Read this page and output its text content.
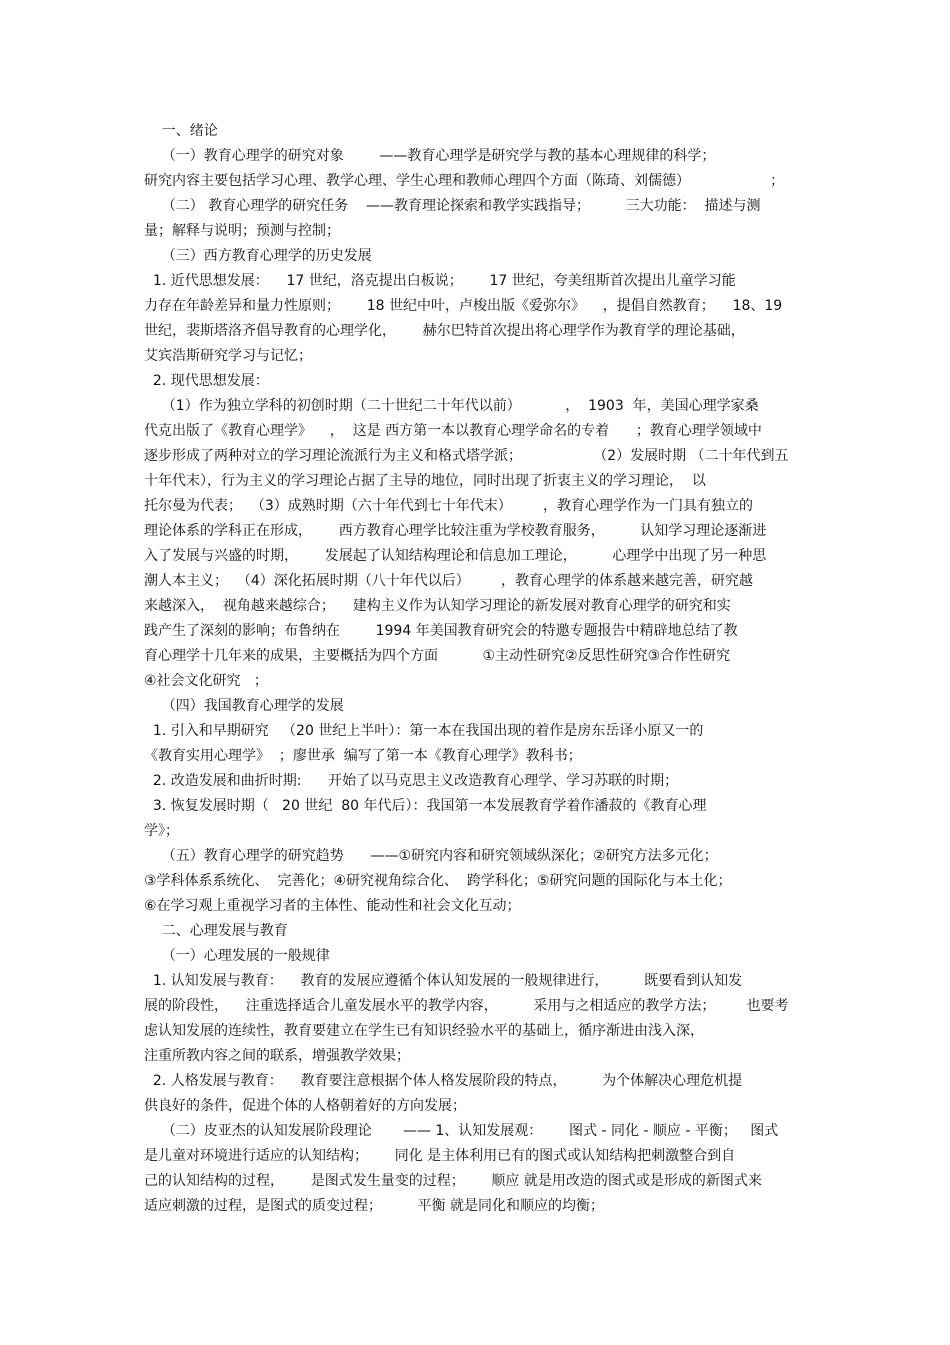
一、绪论

（一）教育心理学的研究对象        ——教育心理学是研究学与教的基本心理规律的科学；

研究内容主要包括学习心理、教学心理、学生心理和教师心理四个方面（陈琦、刘儒德）                  ；

（二） 教育心理学的研究任务    ——教育理论探索和教学实践指导；        三大功能：  描述与测

量；解释与说明；预测与控制；

（三）西方教育心理学的历史发展

1. 近代思想发展：    17 世纪，洛克提出白板说；      17 世纪，夸美纽斯首次提出儿童学习能

力存在年龄差异和量力性原则；      18 世纪中叶，卢梭出版《爱弥尔》    ，提倡自然教育；    18、19

世纪，裴斯塔洛齐倡导教育的心理学化，      赫尔巴特首次提出将心理学作为教育学的理论基础，

艾宾浩斯研究学习与记忆；

2. 现代思想发展：

（1）作为独立学科的初创时期（二十世纪二十年代以前）          ，  1903  年，美国心理学家桑

代克出版了《教育心理学》    ，  这是 西方第一本以教育心理学命名的专着      ；教育心理学领域中

逐步形成了两种对立的学习理论流派行为主义和格式塔学派；                （2）发展时期 （二十年代到五

十年代末），行为主义的学习理论占据了主导的地位，同时出现了折衷主义的学习理论，  以

托尔曼为代表；  （3）成熟时期（六十年代到七十年代末）       ，教育心理学作为一门具有独立的

理论体系的学科正在形成，      西方教育心理学比较注重为学校教育服务，        认知学习理论逐渐进

入了发展与兴盛的时期，      发展起了认知结构理论和信息加工理论，        心理学中出现了另一种思

潮人本主义；  （4）深化拓展时期（八十年代以后）       ，教育心理学的体系越来越完善，研究越

来越深入，  视角越来越综合；    建构主义作为认知学习理论的新发展对教育心理学的研究和实

践产生了深刻的影响；布鲁纳在        1994 年美国教育研究会的特邀专题报告中精辟地总结了教

育心理学十几年来的成果，主要概括为四个方面          ①主动性研究②反思性研究③合作性研究

④社会文化研究   ；

（四）我国教育心理学的发展

1. 引入和早期研究   （20 世纪上半叶）：第一本在我国出现的着作是房东岳译小原又一的

《教育实用心理学》  ；廖世承  编写了第一本《教育心理学》教科书；

2. 改造发展和曲折时期:      开始了以马克思主义改造教育心理学、学习苏联的时期；

3. 恢复发展时期（   20 世纪  80 年代后）：我国第一本发展教育学着作潘菽的《教育心理

学》；

（五）教育心理学的研究趋势      ——①研究内容和研究领域纵深化；②研究方法多元化；

③学科体系系统化、  完善化；④研究视角综合化、  跨学科化；⑤研究问题的国际化与本土化；

⑥在学习观上重视学习者的主体性、能动性和社会文化互动；

二、心理发展与教育

（一）心理发展的一般规律

1. 认知发展与教育：    教育的发展应遵循个体认知发展的一般规律进行，        既要看到认知发

展的阶段性，    注重选择适合儿童发展水平的教学内容，        采用与之相适应的教学方法；       也要考

虑认知发展的连续性，教育要建立在学生已有知识经验水平的基础上，循序渐进由浅入深，

注重所教内容之间的联系，增强教学效果；

2. 人格发展与教育：    教育要注意根据个体人格发展阶段的特点，        为个体解决心理危机提

供良好的条件，促进个体的人格朝着好的方向发展；

（二）皮亚杰的认知发展阶段理论       —— 1、认知发展观：      图式 - 同化 - 顺应 - 平衡；   图式

是儿童对环境进行适应的认知结构；      同化 是主体利用已有的图式或认知结构把刺激整合到自

己的认知结构的过程，      是图式发生量变的过程；      顺应 就是用改造的图式或是形成的新图式来

适应刺激的过程，是图式的质变过程；        平衡 就是同化和顺应的均衡；
